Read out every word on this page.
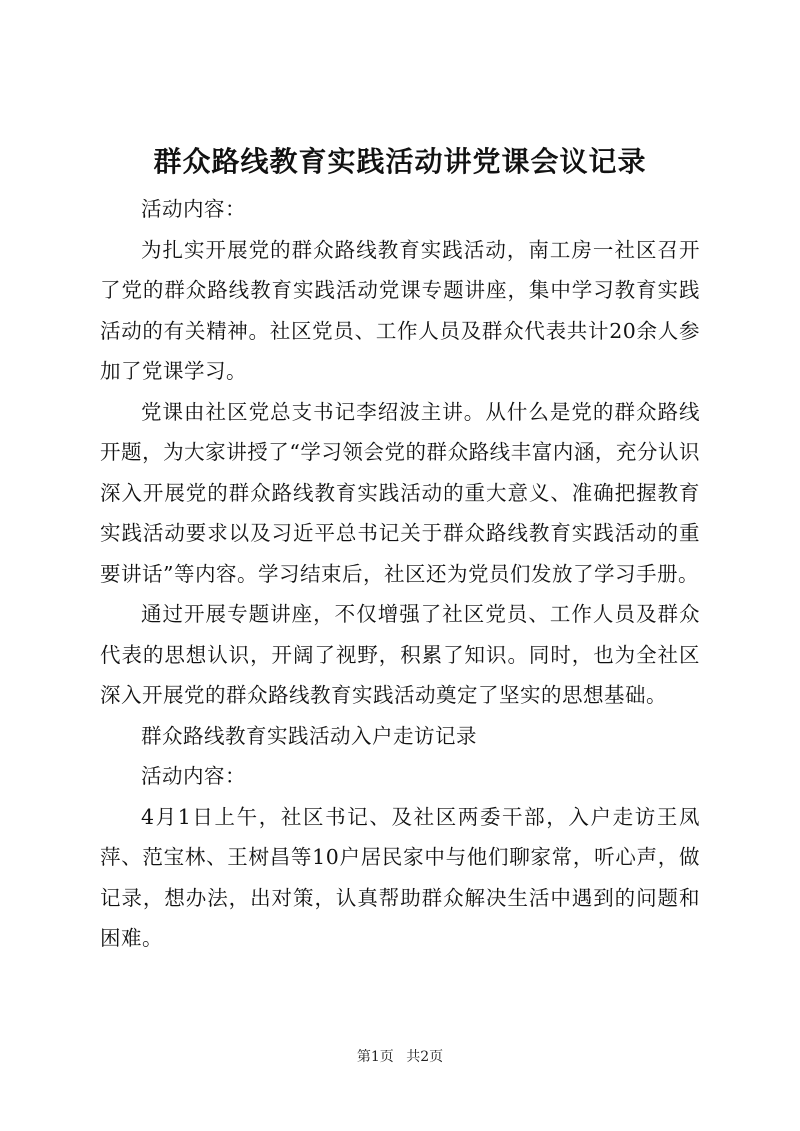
群众路线教育实践活动讲党课会议记录

活动内容：

为扎实开展党的群众路线教育实践活动，南工房一社区召开了党的群众路线教育实践活动党课专题讲座，集中学习教育实践活动的有关精神。社区党员、工作人员及群众代表共计20余人参加了党课学习。

党课由社区党总支书记李绍波主讲。从什么是党的群众路线开题，为大家讲授了“学习领会党的群众路线丰富内涵，充分认识深入开展党的群众路线教育实践活动的重大意义、准确把握教育实践活动要求以及习近平总书记关于群众路线教育实践活动的重要讲话”等内容。学习结束后，社区还为党员们发放了学习手册。

通过开展专题讲座，不仅增强了社区党员、工作人员及群众代表的思想认识，开阔了视野，积累了知识。同时，也为全社区深入开展党的群众路线教育实践活动奠定了坚实的思想基础。

群众路线教育实践活动入户走访记录

活动内容：

4月1日上午，社区书记、及社区两委干部，入户走访王凤萍、范宝林、王树昌等10户居民家中与他们聊家常，听心声，做记录，想办法，出对策，认真帮助群众解决生活中遇到的问题和困难。

第1页 共2页
